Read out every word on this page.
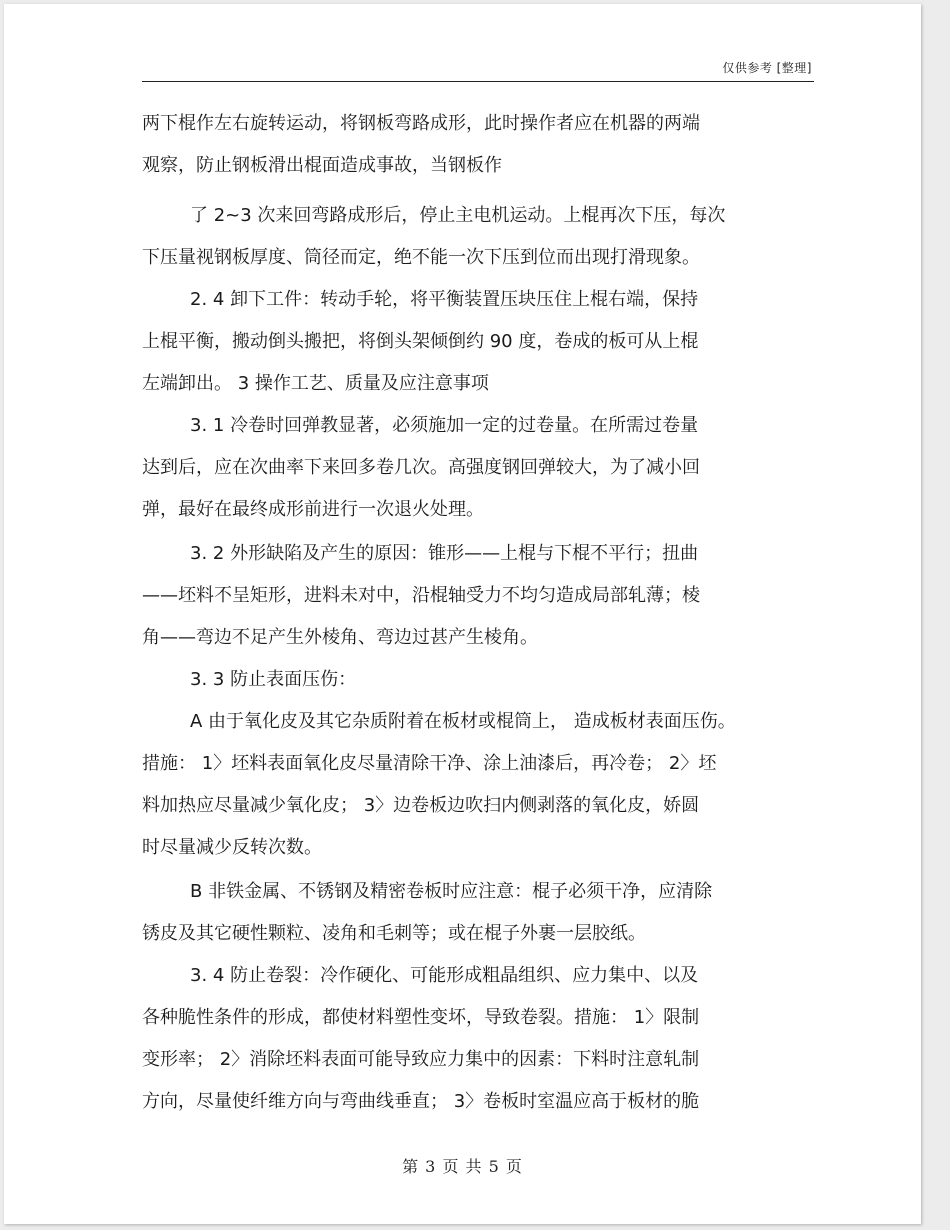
仅供参考 [整理]
两下棍作左右旋转运动，将钢板弯路成形，此时操作者应在机器的两端
观察，防止钢板滑出棍面造成事故，当钢板作
了 2~3 次来回弯路成形后，停止主电机运动。上棍再次下压，每次
下压量视钢板厚度、筒径而定，绝不能一次下压到位而出现打滑现象。
2. 4 卸下工件：转动手轮，将平衡装置压块压住上棍右端，保持
上棍平衡，搬动倒头搬把，将倒头架倾倒约 90 度，卷成的板可从上棍
左端卸出。 3 操作工艺、质量及应注意事项
3. 1 冷卷时回弹教显著，必须施加一定的过卷量。在所需过卷量
达到后，应在次曲率下来回多卷几次。高强度钢回弹较大，为了减小回
弹，最好在最终成形前进行一次退火处理。
3. 2 外形缺陷及产生的原因：锥形——上棍与下棍不平行；扭曲
——坯料不呈矩形，进料未对中，沿棍轴受力不均匀造成局部轧薄；棱
角——弯边不足产生外棱角、弯边过甚产生棱角。
3. 3 防止表面压伤：
A 由于氧化皮及其它杂质附着在板材或棍筒上， 造成板材表面压伤。
措施： 1〉坯料表面氧化皮尽量清除干净、涂上油漆后，再冷卷； 2〉坯
料加热应尽量减少氧化皮； 3〉边卷板边吹扫内侧剥落的氧化皮，娇圆
时尽量减少反转次数。
B 非铁金属、不锈钢及精密卷板时应注意：棍子必须干净，应清除
锈皮及其它硬性颗粒、凌角和毛刺等；或在棍子外裹一层胶纸。
3. 4 防止卷裂：冷作硬化、可能形成粗晶组织、应力集中、以及
各种脆性条件的形成，都使材料塑性变坏，导致卷裂。措施： 1〉限制
变形率； 2〉消除坯料表面可能导致应力集中的因素：下料时注意轧制
方向，尽量使纤维方向与弯曲线垂直； 3〉卷板时室温应高于板材的脆
第 3 页 共 5 页
